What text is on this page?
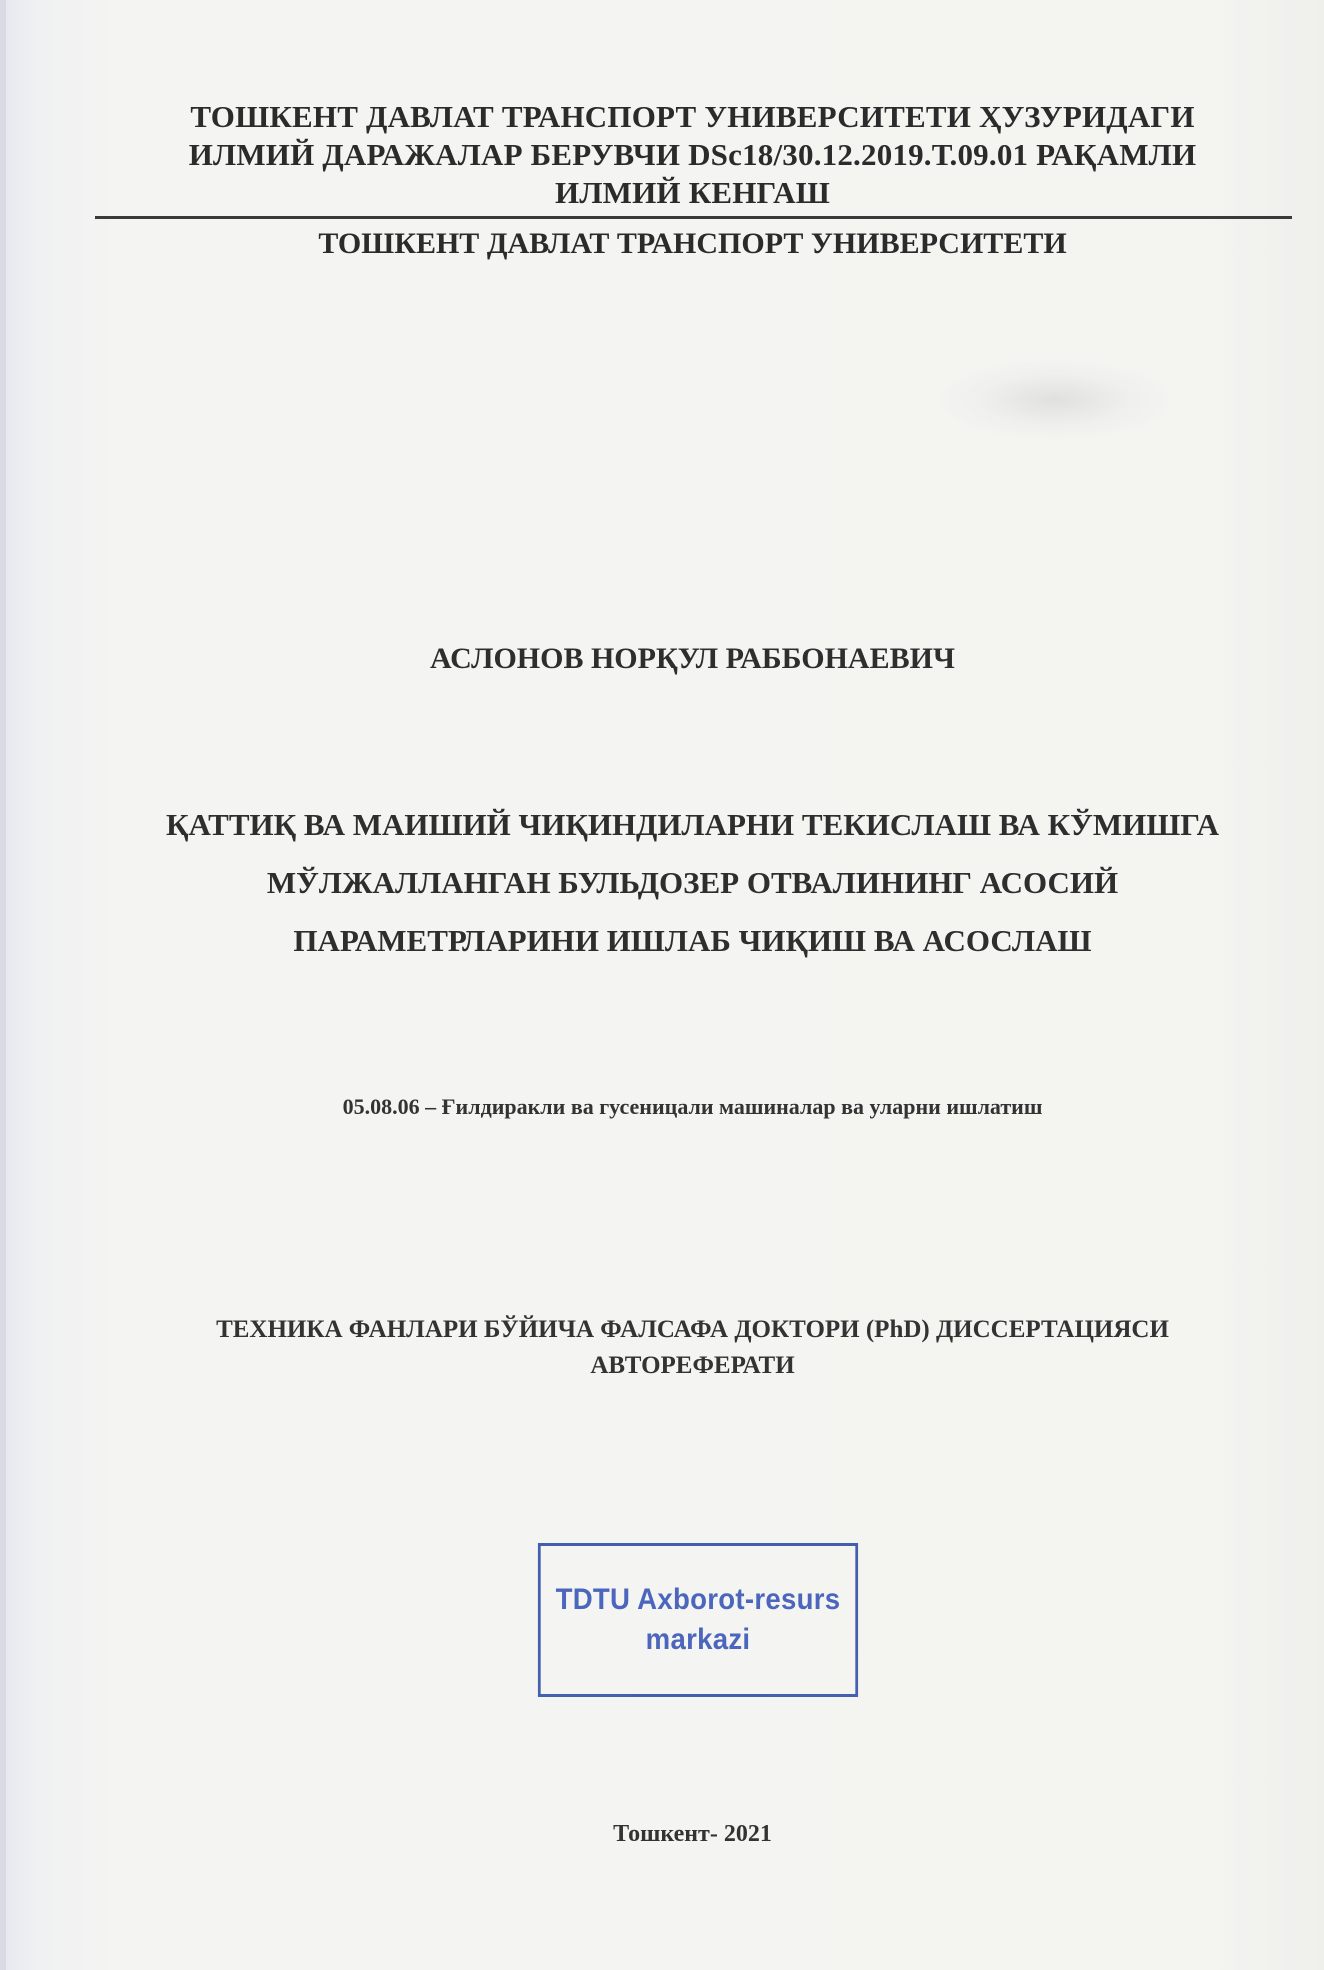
ТОШКЕНТ ДАВЛАТ ТРАНСПОРТ УНИВЕРСИТЕТИ ҲУЗУРИДАГИ
ИЛМИЙ ДАРАЖАЛАР БЕРУВЧИ DSc18/30.12.2019.Т.09.01 РАҚАМЛИ
ИЛМИЙ КЕНГАШ
ТОШКЕНТ ДАВЛАТ ТРАНСПОРТ УНИВЕРСИТЕТИ
АСЛОНОВ НОРҚУЛ РАББОНАЕВИЧ
ҚАТТИҚ ВА МАИШИЙ ЧИҚИНДИЛАРНИ ТЕКИСЛАШ ВА КЎМИШГА
МЎЛЖАЛЛАНГАН БУЛЬДОЗЕР ОТВАЛИНИНГ АСОСИЙ
ПАРАМЕТРЛАРИНИ ИШЛАБ ЧИҚИШ ВА АСОСЛАШ
05.08.06 – Ғилдиракли ва гусеницали машиналар ва уларни ишлатиш
ТЕХНИКА ФАНЛАРИ БЎЙИЧА ФАЛСАФА ДОКТОРИ (PhD) ДИССЕРТАЦИЯСИ
АВТОРЕФЕРАТИ
TDTU Axborot-resurs
markazi
Тошкент- 2021
